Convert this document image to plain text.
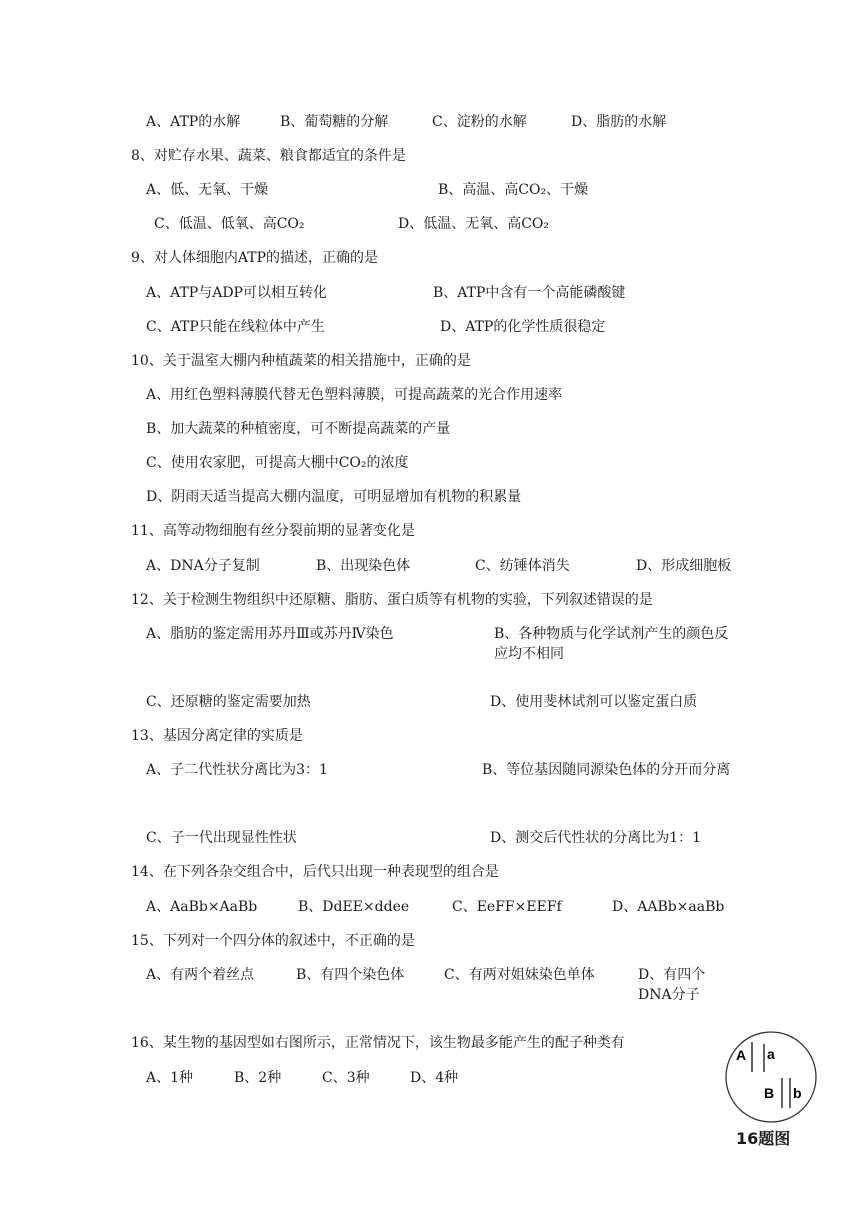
A、ATP的水解	B、葡萄糖的分解	C、淀粉的水解	D、脂肪的水解
8、对贮存水果、蔬菜、粮食都适宜的条件是
A、低、无氧、干燥	B、高温、高CO₂、干燥
C、低温、低氧、高CO₂	D、低温、无氧、高CO₂
9、对人体细胞内ATP的描述，正确的是
A、ATP与ADP可以相互转化	B、ATP中含有一个高能磷酸键
C、ATP只能在线粒体中产生	D、ATP的化学性质很稳定
10、关于温室大棚内种植蔬菜的相关措施中，正确的是
A、用红色塑料薄膜代替无色塑料薄膜，可提高蔬菜的光合作用速率
B、加大蔬菜的种植密度，可不断提高蔬菜的产量
C、使用农家肥，可提高大棚中CO₂的浓度
D、阴雨天适当提高大棚内温度，可明显增加有机物的积累量
11、高等动物细胞有丝分裂前期的显著变化是
A、DNA分子复制	B、出现染色体	C、纺锤体消失	D、形成细胞板
12、关于检测生物组织中还原糖、脂肪、蛋白质等有机物的实验，下列叙述错误的是
A、脂肪的鉴定需用苏丹Ⅲ或苏丹Ⅳ染色	B、各种物质与化学试剂产生的颜色反应均不相同
C、还原糖的鉴定需要加热	D、使用斐林试剂可以鉴定蛋白质
13、基因分离定律的实质是
A、子二代性状分离比为3：1	B、等位基因随同源染色体的分开而分离
C、子一代出现显性性状	D、测交后代性状的分离比为1：1
14、在下列各杂交组合中，后代只出现一种表现型的组合是
A、AaBb×AaBb	B、DdEE×ddee	C、EeFF×EEFf	D、AABb×aaBb
15、下列对一个四分体的叙述中，不正确的是
A、有两个着丝点	B、有四个染色体	C、有两对姐妹染色单体	D、有四个DNA分子
16、某生物的基因型如右图所示，正常情况下，该生物最多能产生的配子种类有
A、1种	B、2种	C、3种	D、4种
A a
B b
16题图
